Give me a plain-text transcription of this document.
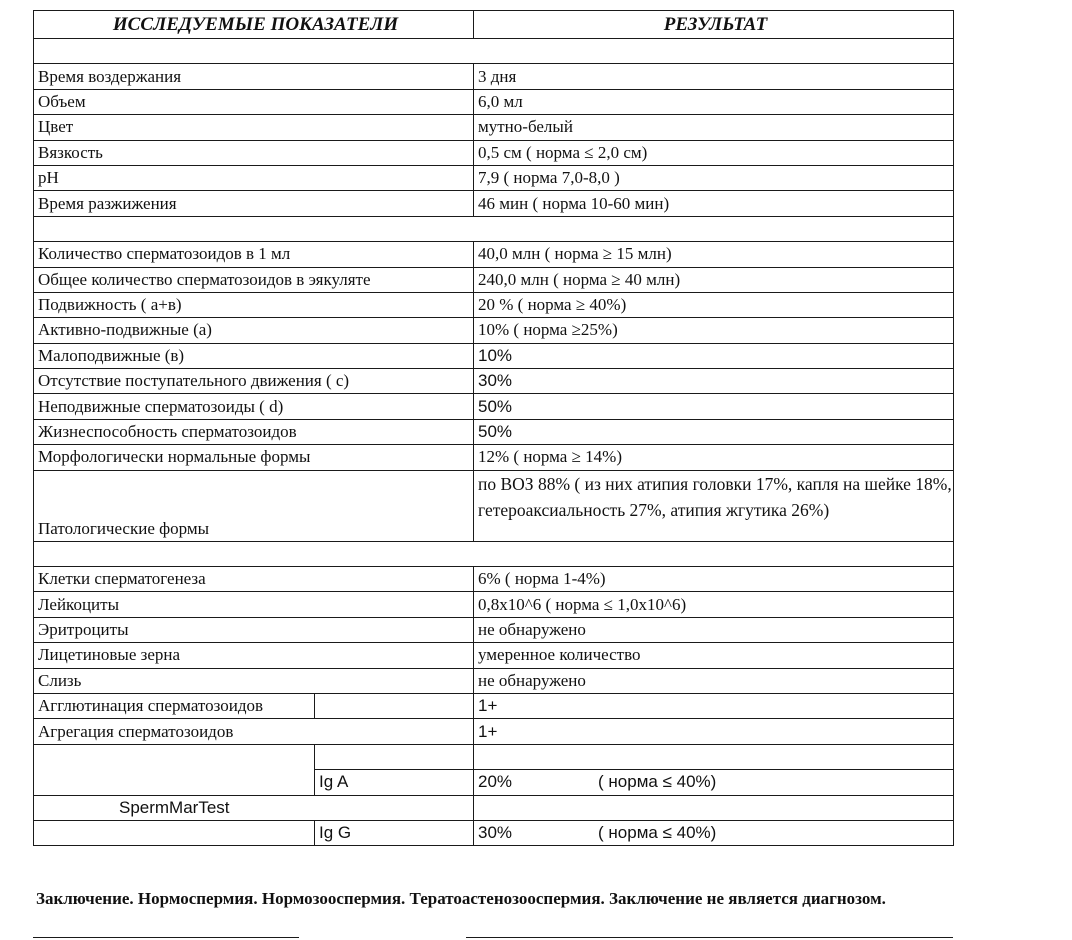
ИССЛЕДУЕМЫЕ ПОКАЗАТЕЛИ		РЕЗУЛЬТАТ

Время воздержания		3 дня
Объем		6,0 мл
Цвет		мутно-белый
Вязкость		0,5 см ( норма ≤ 2,0 см)
pH		7,9 ( норма 7,0-8,0 )
Время разжижения		46 мин ( норма 10-60 мин)

Количество сперматозоидов в 1 мл		40,0 млн ( норма ≥ 15 млн)
Общее количество сперматозоидов в эякуляте		240,0 млн ( норма ≥ 40 млн)
Подвижность ( а+в)		20 % ( норма ≥ 40%)
Активно-подвижные (а)		10% ( норма ≥25%)
Малоподвижные (в)		10%
Отсутствие поступательного движения ( с)		30%
Неподвижные сперматозоиды ( d)		50%
Жизнеспособность сперматозоидов		50%
Морфологически нормальные формы		12% ( норма ≥ 14%)
Патологические формы		по ВОЗ 88% ( из них атипия головки 17%, капля на шейке 18%, гетероаксиальность 27%, атипия жгутика 26%)

Клетки сперматогенеза		6% ( норма 1-4%)
Лейкоциты		0,8х10^6 ( норма ≤ 1,0x10^6)
Эритроциты		не обнаружено
Лицетиновые зерна		умеренное количество
Слизь		не обнаружено
Агглютинация сперматозоидов		1+
Агрегация сперматозоидов		1+

	Ig A	20% ( норма ≤ 40%)
SpermMarTest		
	Ig G	30% ( норма ≤ 40%)
Заключение. Нормоспермия. Нормозооспермия. Тератоастенозооспермия. Заключение не является диагнозом.
